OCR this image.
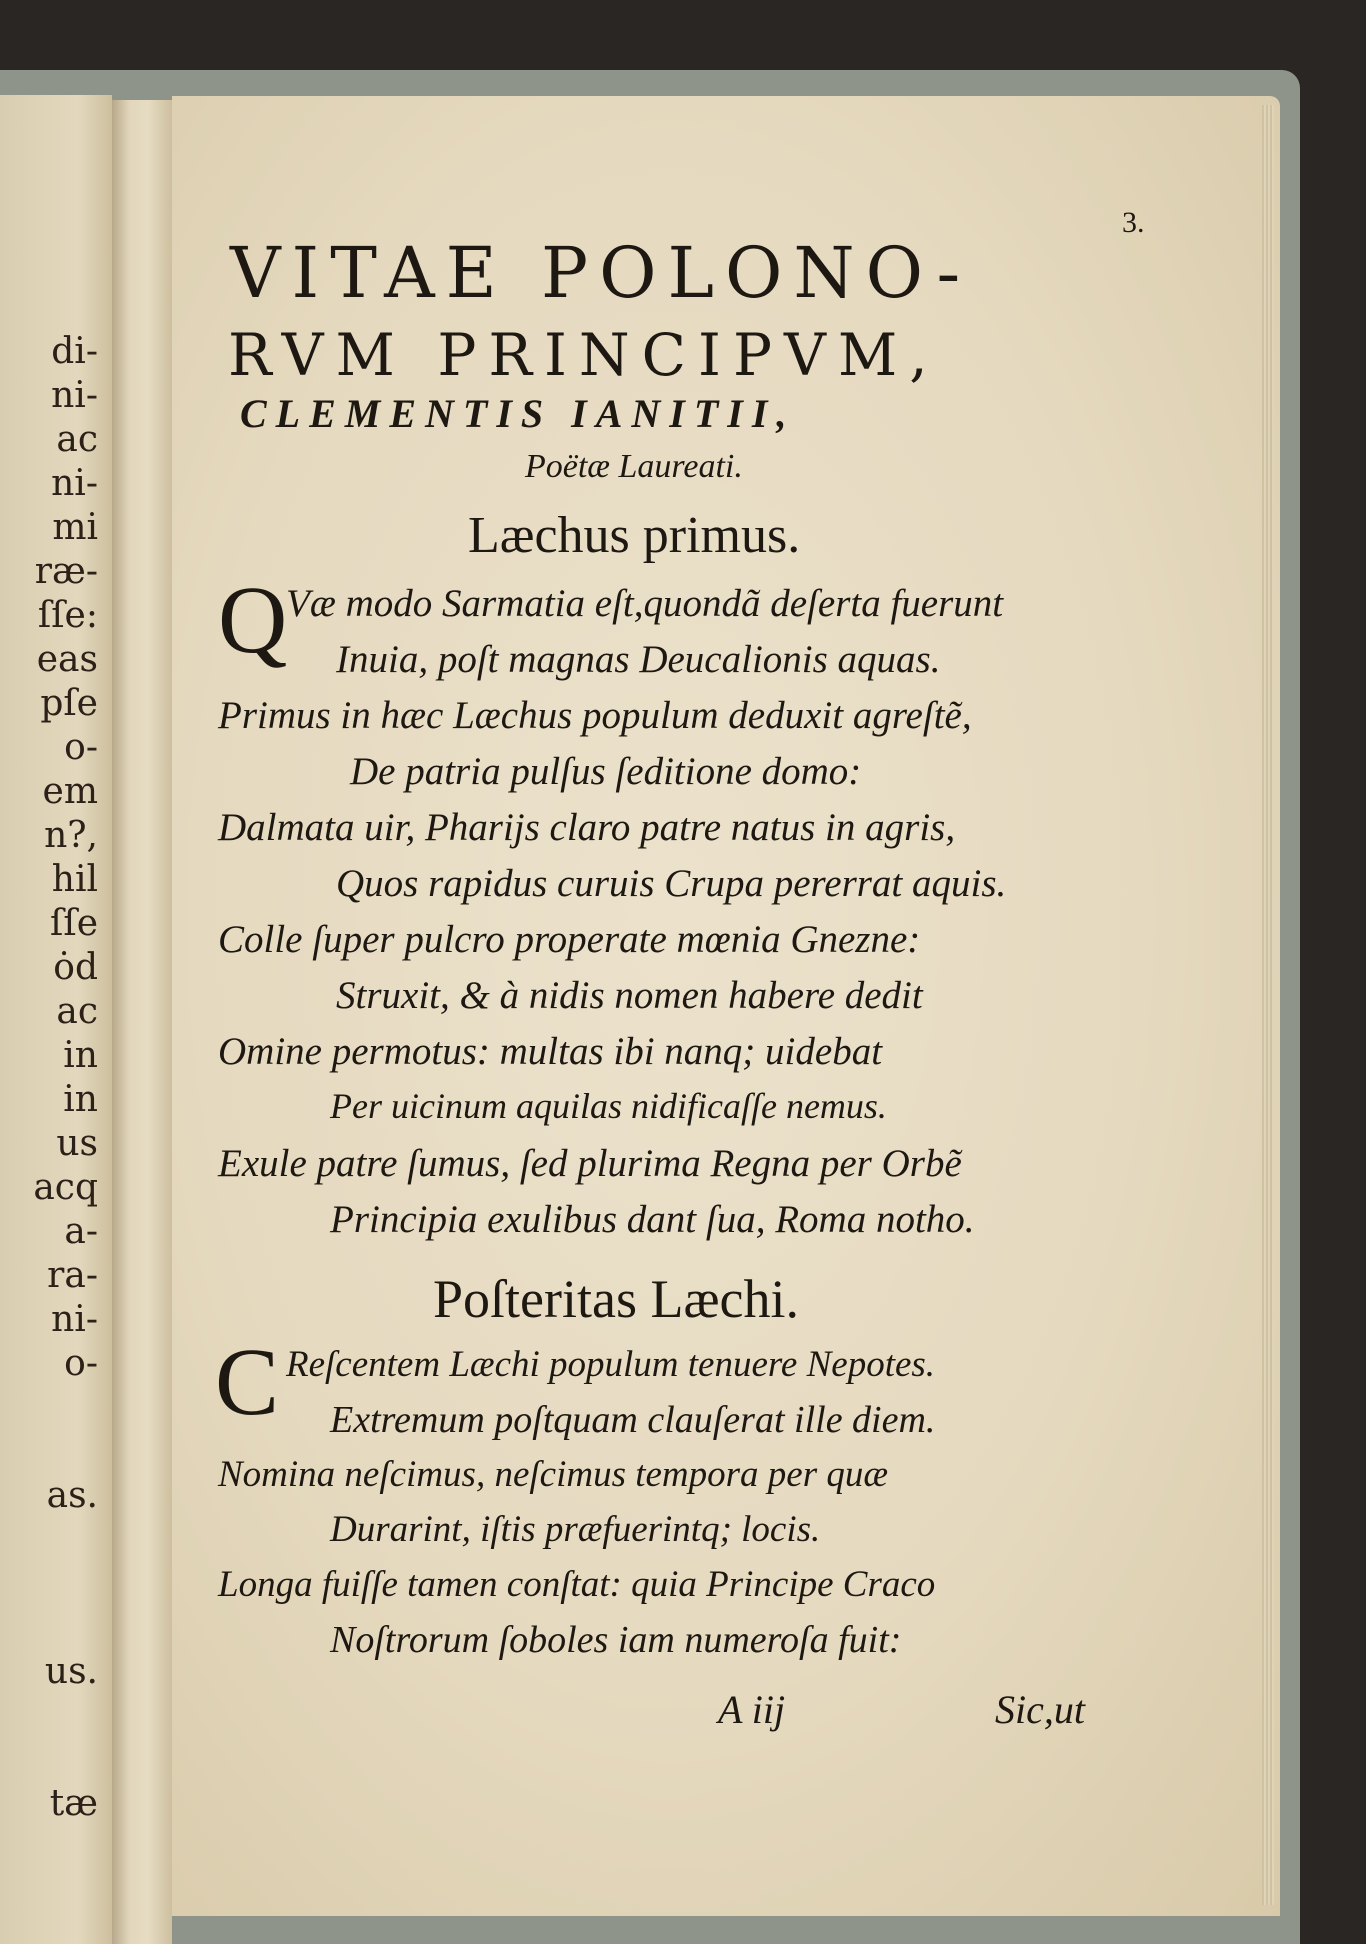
di-
ni-
ac
ni-
mi
ræ-
ſſe:
eas
pſe
o-
em
n?,
hil
ſſe
ȯd
ac
in
in
us
acq
a-
ra-
ni-
o-
as.
us.
tæ
3.
VITAE POLONO-
RVM PRINCIPVM,
CLEMENTIS IANITII,
Poëtæ Laureati.
Læchus primus.
Q
Væ modo Sarmatia eſt,quondã deſerta fuerunt
Inuia, poſt magnas Deucalionis aquas.
Primus in hæc Læchus populum deduxit agreſtẽ,
De patria pulſus ſeditione domo:
Dalmata uir, Pharijs claro patre natus in agris,
Quos rapidus curuis Crupa pererrat aquis.
Colle ſuper pulcro properate mœnia Gnezne:
Struxit, & à nidis nomen habere dedit
Omine permotus: multas ibi nanq; uidebat
Per uicinum aquilas nidificaſſe nemus.
Exule patre ſumus, ſed plurima Regna per Orbẽ
Principia exulibus dant ſua, Roma notho.
Poſteritas Læchi.
C Reſcentem Læchi populum tenuere Nepotes.
Extremum poſtquam clauſerat ille diem.
Nomina neſcimus, neſcimus tempora per quæ
Durarint, iſtis præfuerintq; locis.
Longa fuiſſe tamen conſtat: quia Principe Craco
Noſtrorum ſoboles iam numeroſa fuit:
A iij	Sic,ut
